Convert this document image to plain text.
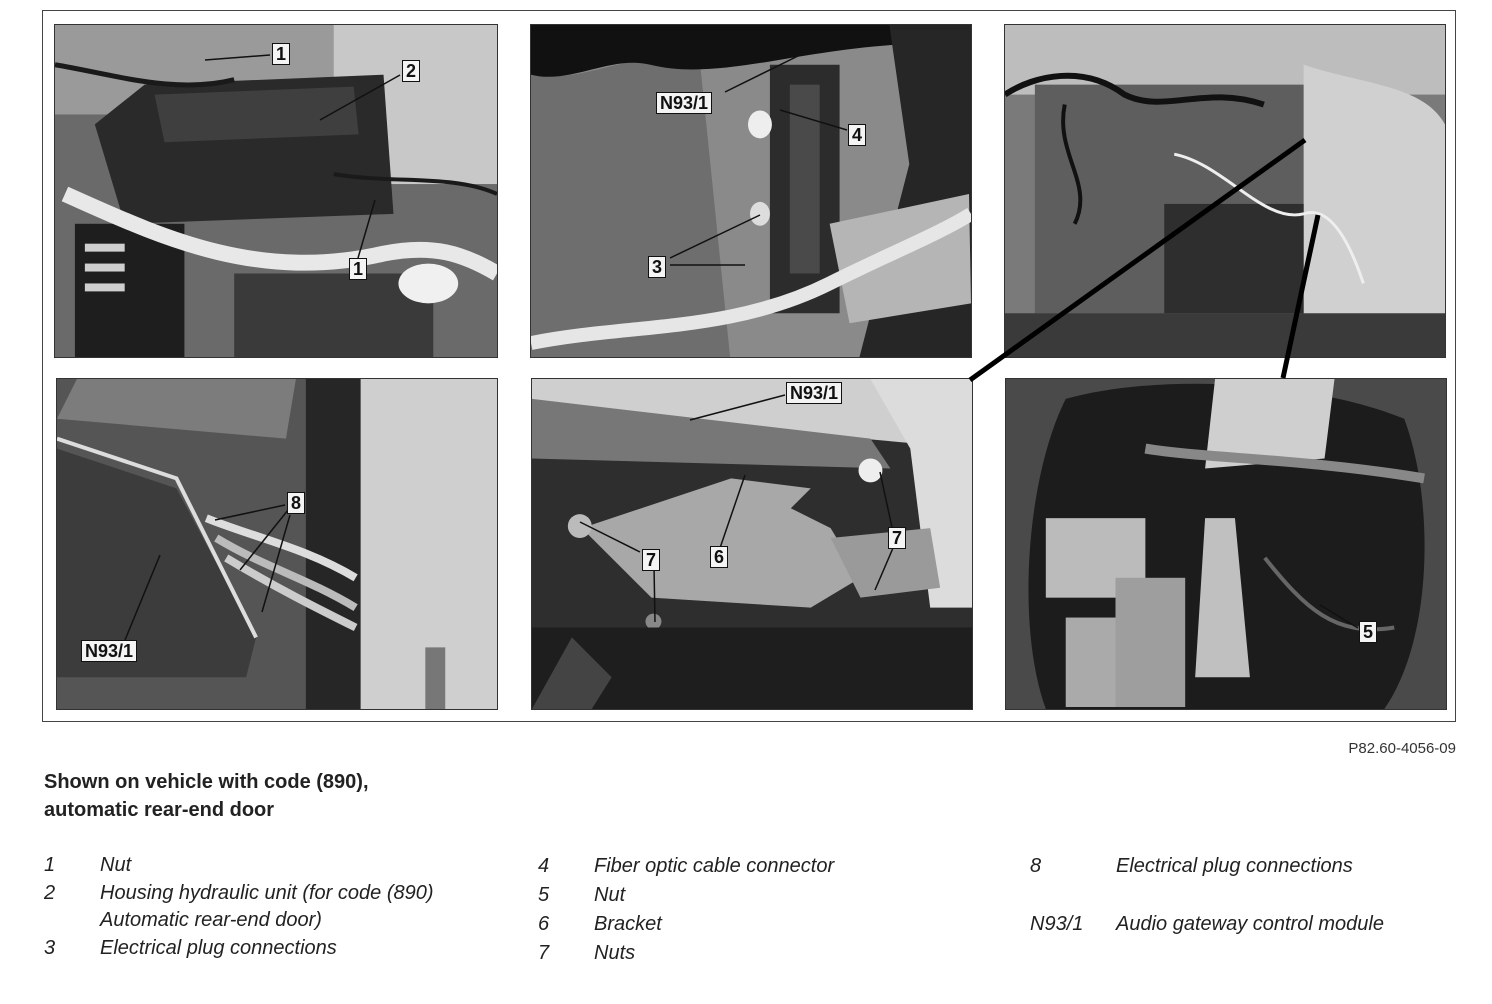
1
2
1
N93/1
4
3
8
N93/1
N93/1
6
7
7
5
P82.60-4056-09
Shown on vehicle with code (890),
automatic rear-end door
1 Nut
2 Housing hydraulic unit (for code (890)
Automatic rear-end door)
3 Electrical plug connections
4 Fiber optic cable connector
5 Nut
6 Bracket
7 Nuts
8	Electrical plug connections
N93/1 Audio gateway control module
